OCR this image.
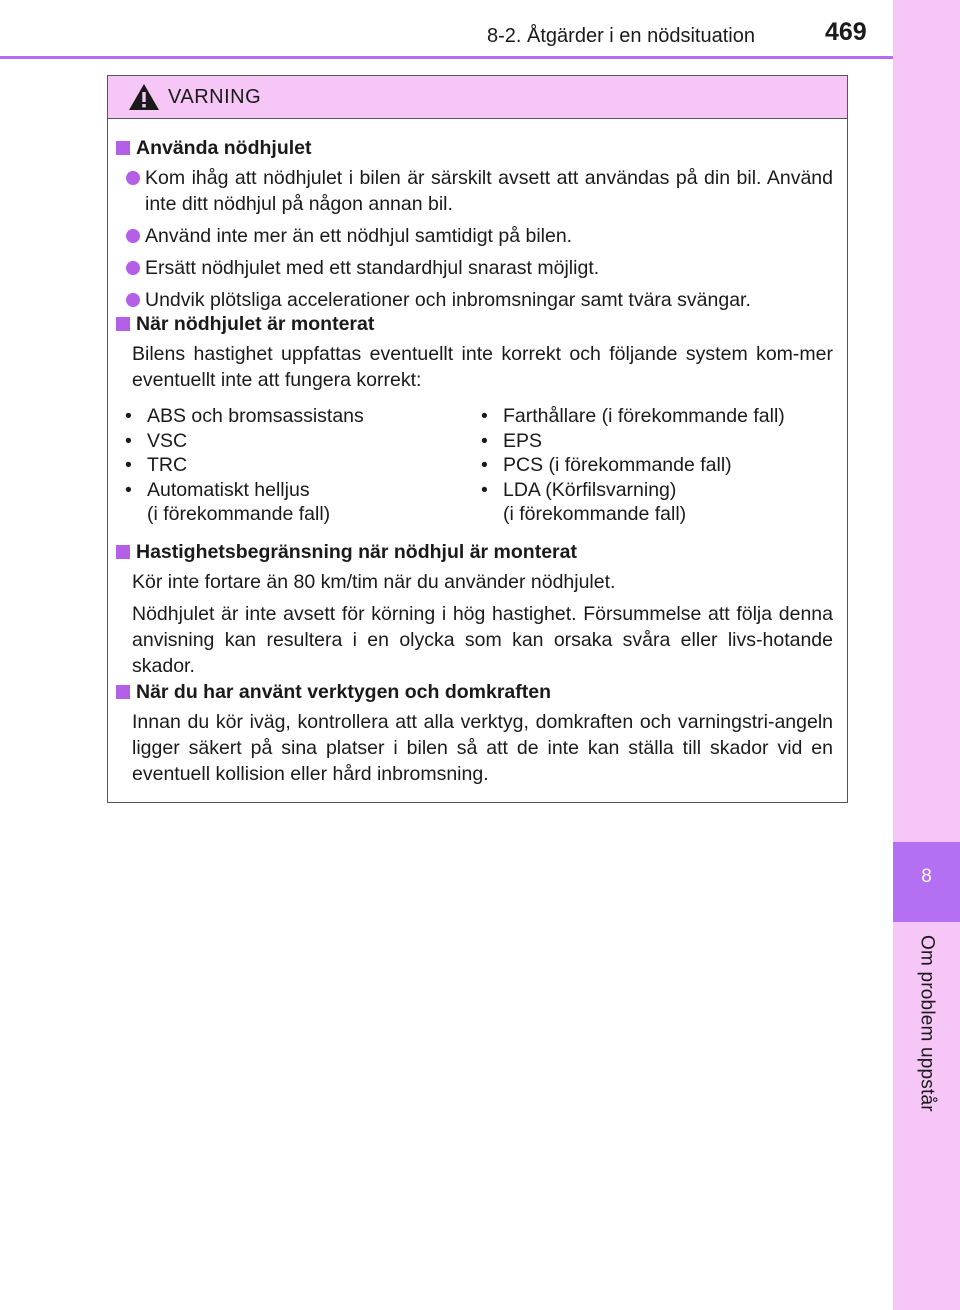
8-2. Åtgärder i en nödsituation	469
8
Om problem uppstår
VARNING
Använda nödhjulet
Kom ihåg att nödhjulet i bilen är särskilt avsett att användas på din bil. Använd inte ditt nödhjul på någon annan bil.
Använd inte mer än ett nödhjul samtidigt på bilen.
Ersätt nödhjulet med ett standardhjul snarast möjligt.
Undvik plötsliga accelerationer och inbromsningar samt tvära svängar.
När nödhjulet är monterat
Bilens hastighet uppfattas eventuellt inte korrekt och följande system kom-mer eventuellt inte att fungera korrekt:
• ABS och bromsassistans
• VSC
• TRC
• Automatiskt helljus
(i förekommande fall)
• Farthållare (i förekommande fall)
• EPS
• PCS (i förekommande fall)
• LDA (Körfilsvarning)
(i förekommande fall)
Hastighetsbegränsning när nödhjul är monterat
Kör inte fortare än 80 km/tim när du använder nödhjulet.
Nödhjulet är inte avsett för körning i hög hastighet. Försummelse att följa denna anvisning kan resultera i en olycka som kan orsaka svåra eller livs-hotande skador.
När du har använt verktygen och domkraften
Innan du kör iväg, kontrollera att alla verktyg, domkraften och varningstri-angeln ligger säkert på sina platser i bilen så att de inte kan ställa till skador vid en eventuell kollision eller hård inbromsning.
